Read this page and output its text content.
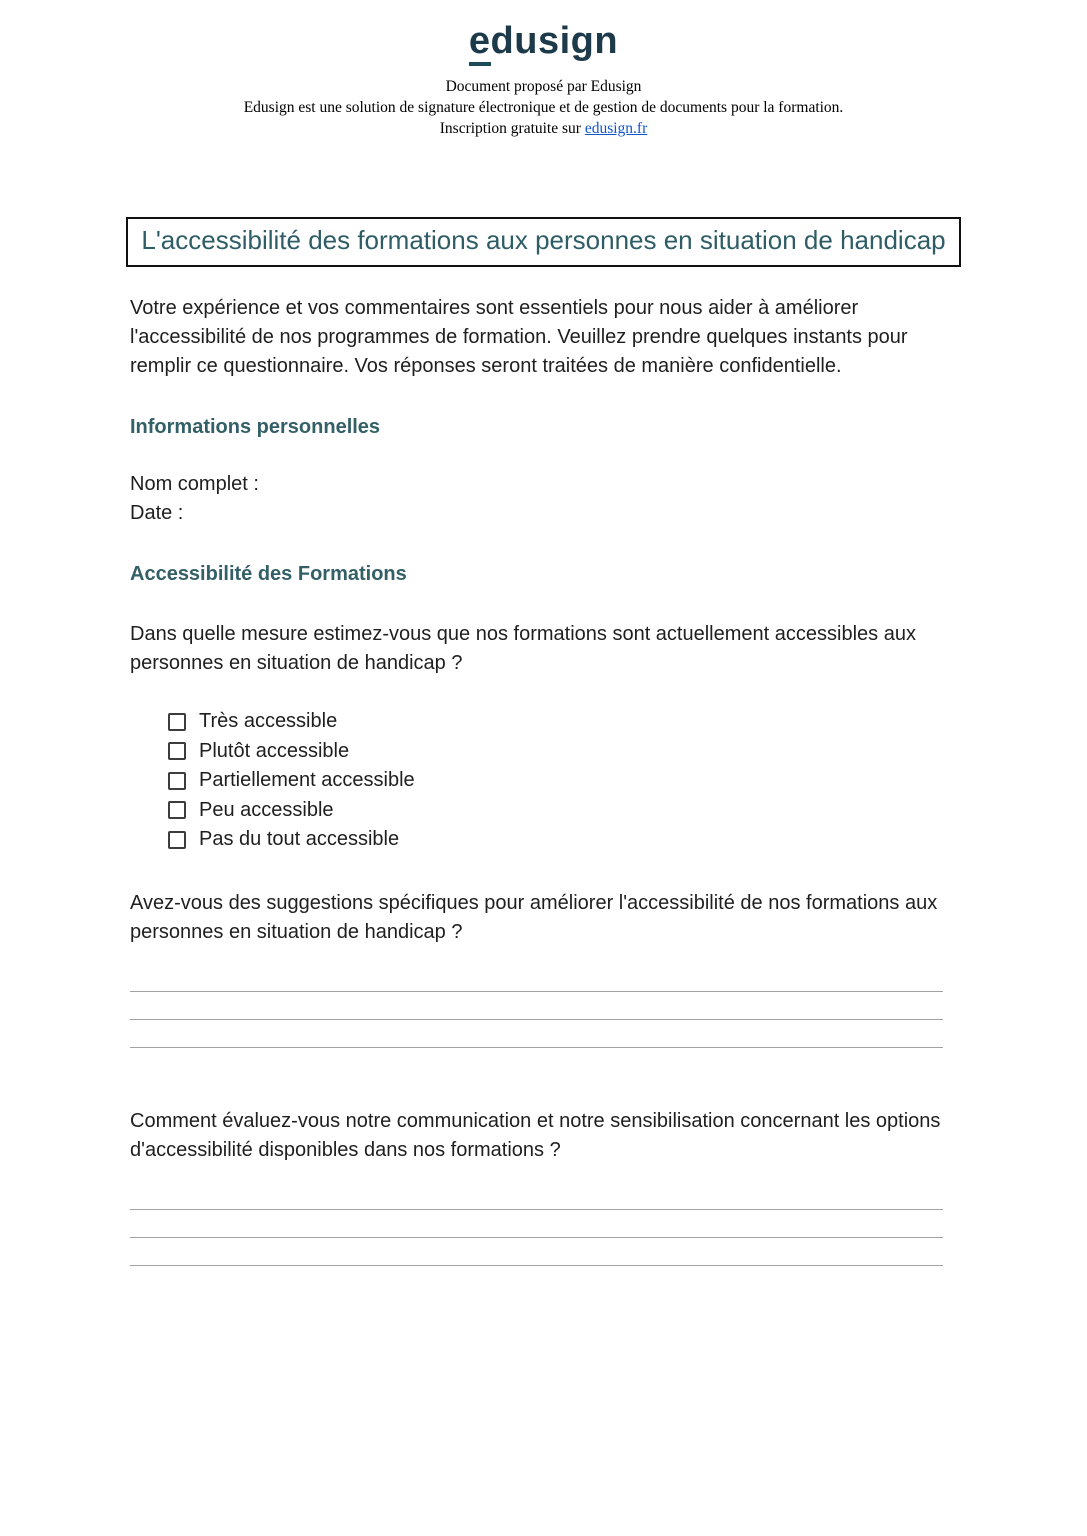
edusign
Document proposé par Edusign
Edusign est une solution de signature électronique et de gestion de documents pour la formation.
Inscription gratuite sur edusign.fr
L'accessibilité des formations aux personnes en situation de handicap

Votre expérience et vos commentaires sont essentiels pour nous aider à améliorer l'accessibilité de nos programmes de formation. Veuillez prendre quelques instants pour remplir ce questionnaire. Vos réponses seront traitées de manière confidentielle.

Informations personnelles
Nom complet :
Date :
Accessibilité des Formations

Dans quelle mesure estimez-vous que nos formations sont actuellement accessibles aux personnes en situation de handicap ?

Très accessible
Plutôt accessible
Partiellement accessible
Peu accessible
Pas du tout accessible

Avez-vous des suggestions spécifiques pour améliorer l'accessibilité de nos formations aux personnes en situation de handicap ?

Comment évaluez-vous notre communication et notre sensibilisation concernant les options d'accessibilité disponibles dans nos formations ?
